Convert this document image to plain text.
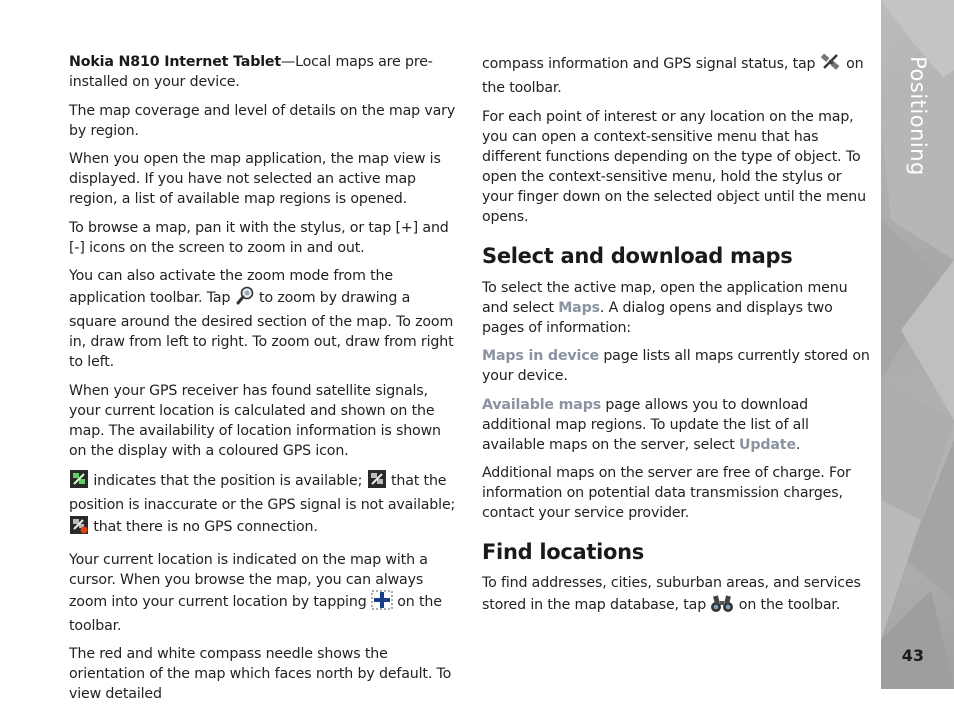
Nokia N810 Internet Tablet—Local maps are pre-installed on your device.

The map coverage and level of details on the map vary by region.

When you open the map application, the map view is displayed. If you have not selected an active map region, a list of available map regions is opened.

To browse a map, pan it with the stylus, or tap [+] and [-] icons on the screen to zoom in and out.

You can also activate the zoom mode from the application toolbar. Tap  to zoom by drawing a square around the desired section of the map. To zoom in, draw from left to right. To zoom out, draw from right to left.

When your GPS receiver has found satellite signals, your current location is calculated and shown on the map. The availability of location information is shown on the display with a coloured GPS icon.

indicates that the position is available;  that the position is inaccurate or the GPS signal is not available;  that there is no GPS connection.

Your current location is indicated on the map with a cursor. When you browse the map, you can always zoom into your current location by tapping  on the toolbar.

The red and white compass needle shows the orientation of the map which faces north by default. To view detailed

compass information and GPS signal status, tap  on the toolbar.

For each point of interest or any location on the map, you can open a context-sensitive menu that has different functions depending on the type of object. To open the context-sensitive menu, hold the stylus or your finger down on the selected object until the menu opens.

Select and download maps

To select the active map, open the application menu and select Maps. A dialog opens and displays two pages of information:

Maps in device page lists all maps currently stored on your device.

Available maps page allows you to download additional map regions. To update the list of all available maps on the server, select Update.

Additional maps on the server are free of charge. For information on potential data transmission charges, contact your service provider.

Find locations

To find addresses, cities, suburban areas, and services stored in the map database, tap  on the toolbar.

Positioning
43
